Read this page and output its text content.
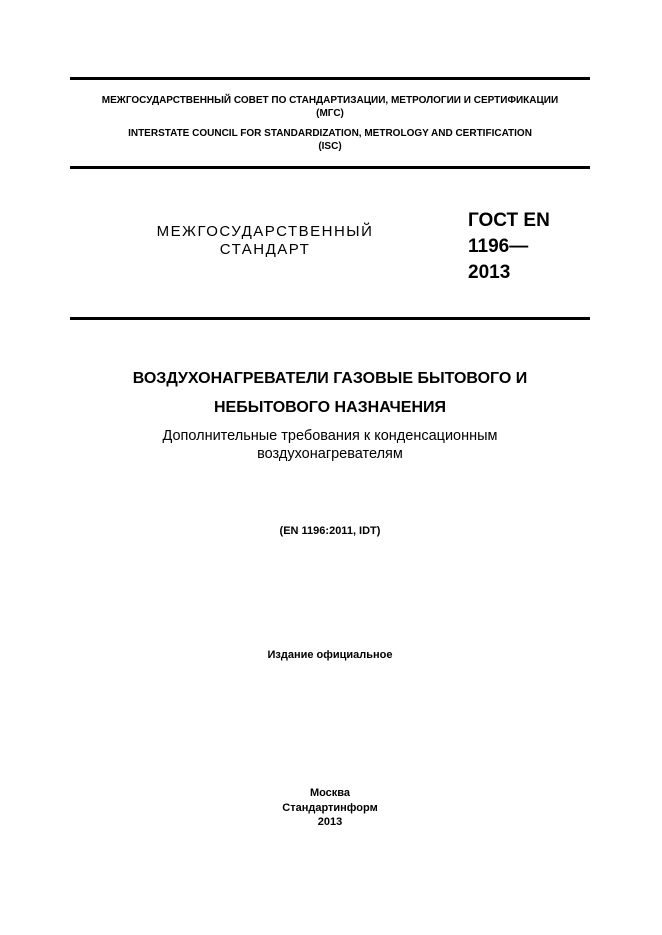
МЕЖГОСУДАРСТВЕННЫЙ СОВЕТ ПО СТАНДАРТИЗАЦИИ, МЕТРОЛОГИИ И СЕРТИФИКАЦИИ
(МГС)
INTERSTATE COUNCIL FOR STANDARDIZATION, METROLOGY AND CERTIFICATION
(ISC)
МЕЖГОСУДАРСТВЕННЫЙ
СТАНДАРТ
ГОСТ EN
1196—
2013
ВОЗДУХОНАГРЕВАТЕЛИ ГАЗОВЫЕ БЫТОВОГО И
НЕБЫТОВОГО НАЗНАЧЕНИЯ
Дополнительные требования к конденсационным
воздухонагревателям
(EN 1196:2011, IDT)
Издание официальное
Москва
Стандартинформ
2013
